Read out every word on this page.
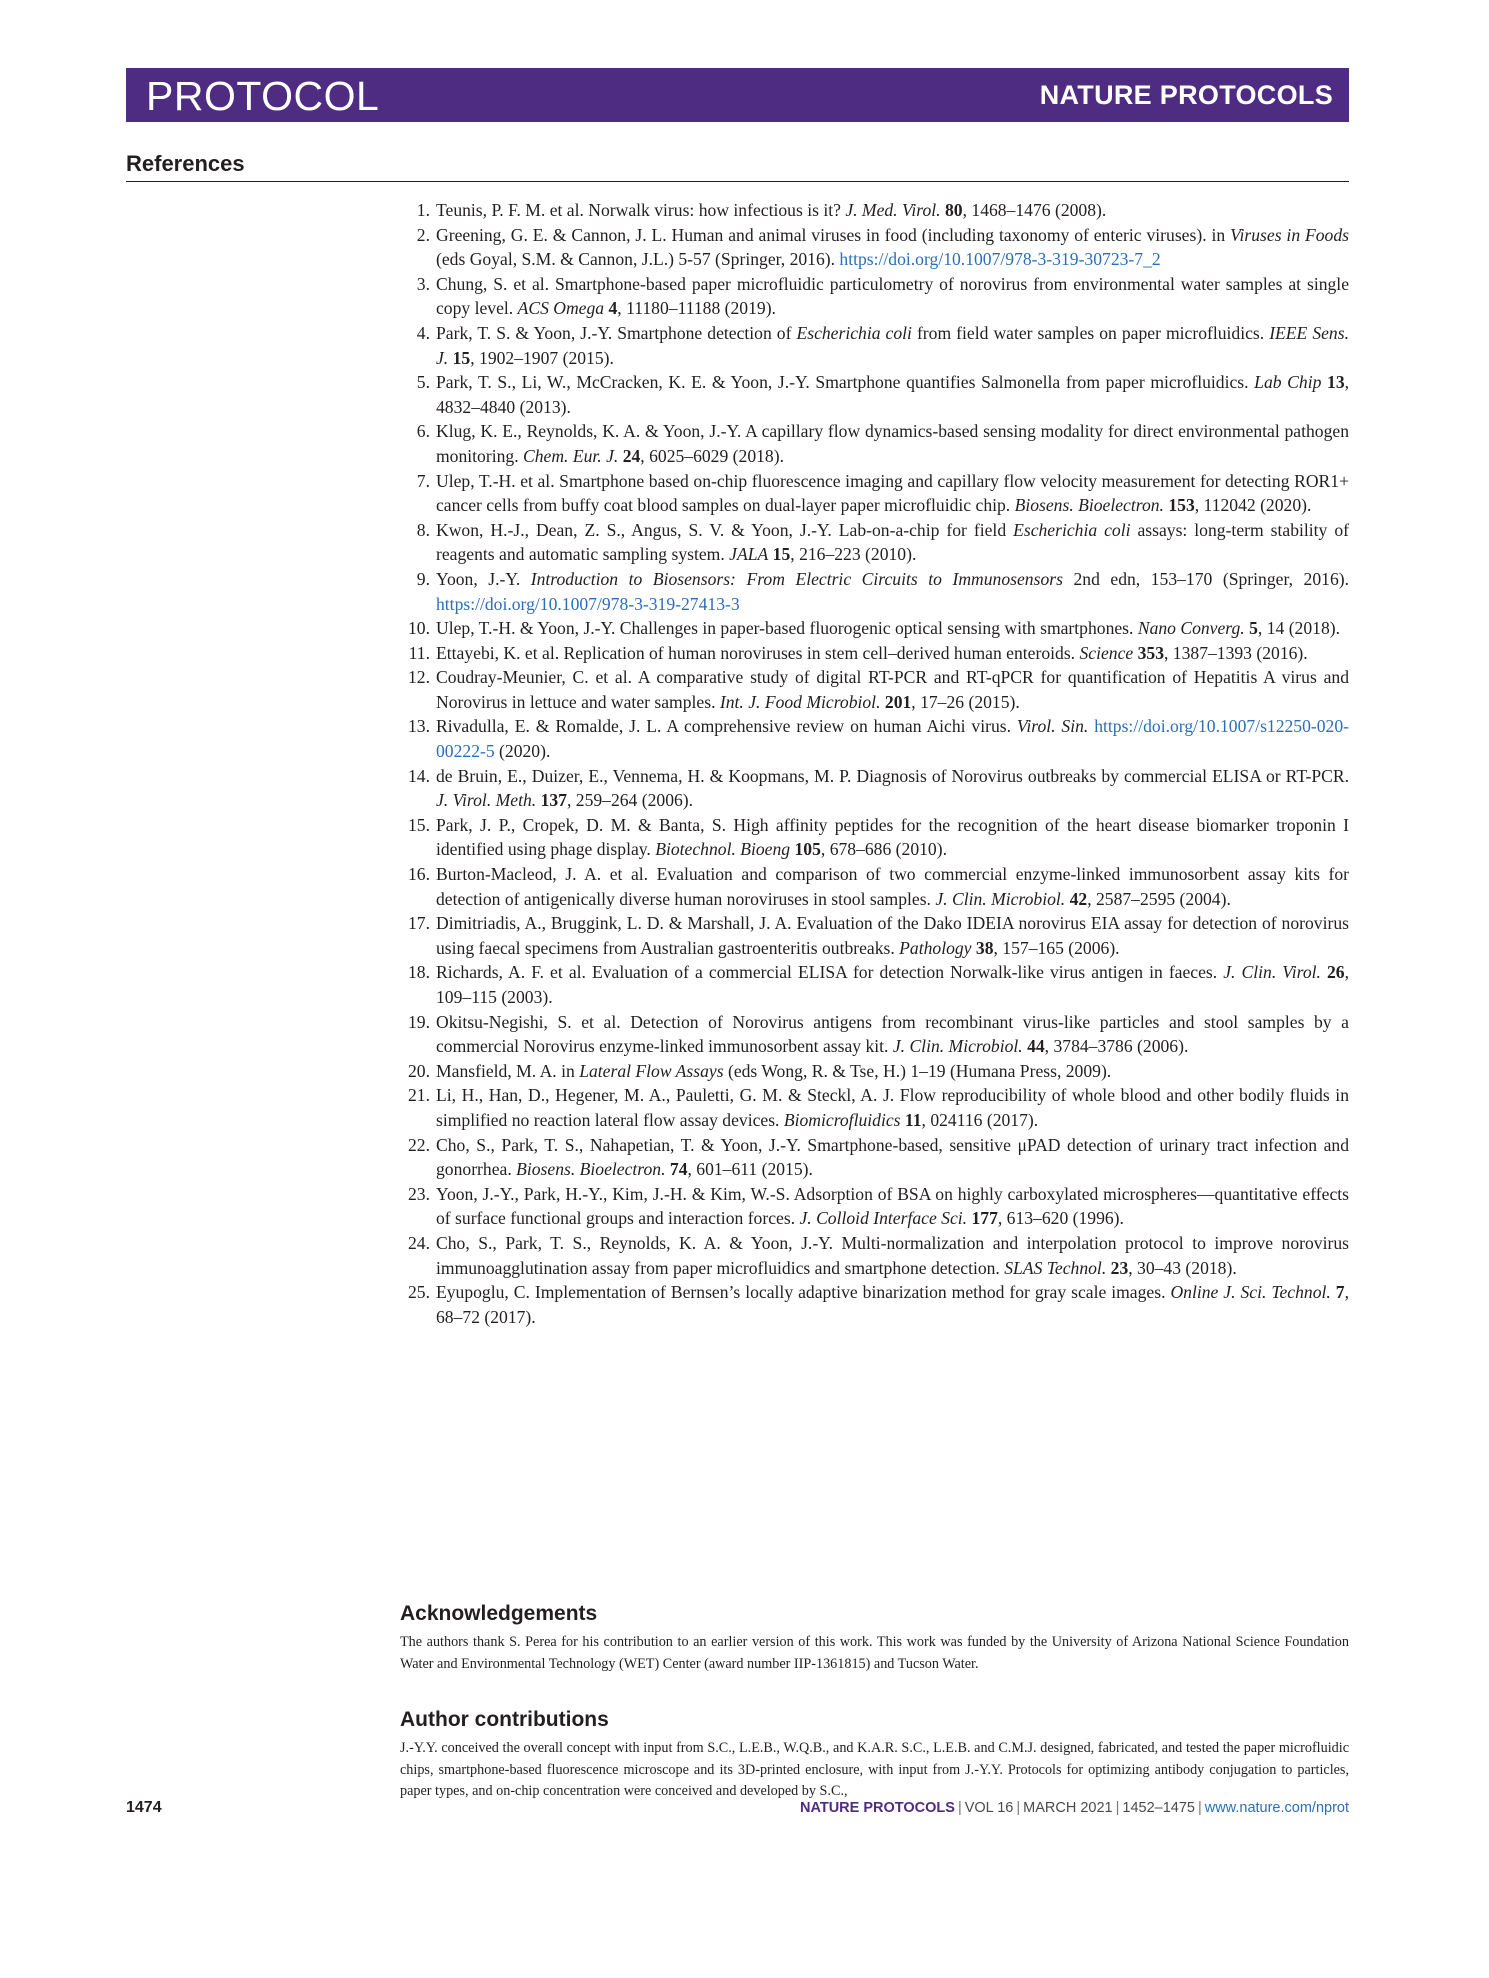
PROTOCOL	NATURE PROTOCOLS
References
1. Teunis, P. F. M. et al. Norwalk virus: how infectious is it? J. Med. Virol. 80, 1468–1476 (2008).
2. Greening, G. E. & Cannon, J. L. Human and animal viruses in food (including taxonomy of enteric viruses). in Viruses in Foods (eds Goyal, S.M. & Cannon, J.L.) 5-57 (Springer, 2016). https://doi.org/10.1007/978-3-319-30723-7_2
3. Chung, S. et al. Smartphone-based paper microfluidic particulometry of norovirus from environmental water samples at single copy level. ACS Omega 4, 11180–11188 (2019).
4. Park, T. S. & Yoon, J.-Y. Smartphone detection of Escherichia coli from field water samples on paper microfluidics. IEEE Sens. J. 15, 1902–1907 (2015).
5. Park, T. S., Li, W., McCracken, K. E. & Yoon, J.-Y. Smartphone quantifies Salmonella from paper microfluidics. Lab Chip 13, 4832–4840 (2013).
6. Klug, K. E., Reynolds, K. A. & Yoon, J.-Y. A capillary flow dynamics-based sensing modality for direct environmental pathogen monitoring. Chem. Eur. J. 24, 6025–6029 (2018).
7. Ulep, T.-H. et al. Smartphone based on-chip fluorescence imaging and capillary flow velocity measurement for detecting ROR1+ cancer cells from buffy coat blood samples on dual-layer paper microfluidic chip. Biosens. Bioelectron. 153, 112042 (2020).
8. Kwon, H.-J., Dean, Z. S., Angus, S. V. & Yoon, J.-Y. Lab-on-a-chip for field Escherichia coli assays: long-term stability of reagents and automatic sampling system. JALA 15, 216–223 (2010).
9. Yoon, J.-Y. Introduction to Biosensors: From Electric Circuits to Immunosensors 2nd edn, 153–170 (Springer, 2016). https://doi.org/10.1007/978-3-319-27413-3
10. Ulep, T.-H. & Yoon, J.-Y. Challenges in paper-based fluorogenic optical sensing with smartphones. Nano Converg. 5, 14 (2018).
11. Ettayebi, K. et al. Replication of human noroviruses in stem cell–derived human enteroids. Science 353, 1387–1393 (2016).
12. Coudray-Meunier, C. et al. A comparative study of digital RT-PCR and RT-qPCR for quantification of Hepatitis A virus and Norovirus in lettuce and water samples. Int. J. Food Microbiol. 201, 17–26 (2015).
13. Rivadulla, E. & Romalde, J. L. A comprehensive review on human Aichi virus. Virol. Sin. https://doi.org/10.1007/s12250-020-00222-5 (2020).
14. de Bruin, E., Duizer, E., Vennema, H. & Koopmans, M. P. Diagnosis of Norovirus outbreaks by commercial ELISA or RT-PCR. J. Virol. Meth. 137, 259–264 (2006).
15. Park, J. P., Cropek, D. M. & Banta, S. High affinity peptides for the recognition of the heart disease biomarker troponin I identified using phage display. Biotechnol. Bioeng 105, 678–686 (2010).
16. Burton-Macleod, J. A. et al. Evaluation and comparison of two commercial enzyme-linked immunosorbent assay kits for detection of antigenically diverse human noroviruses in stool samples. J. Clin. Microbiol. 42, 2587–2595 (2004).
17. Dimitriadis, A., Bruggink, L. D. & Marshall, J. A. Evaluation of the Dako IDEIA norovirus EIA assay for detection of norovirus using faecal specimens from Australian gastroenteritis outbreaks. Pathology 38, 157–165 (2006).
18. Richards, A. F. et al. Evaluation of a commercial ELISA for detection Norwalk-like virus antigen in faeces. J. Clin. Virol. 26, 109–115 (2003).
19. Okitsu-Negishi, S. et al. Detection of Norovirus antigens from recombinant virus-like particles and stool samples by a commercial Norovirus enzyme-linked immunosorbent assay kit. J. Clin. Microbiol. 44, 3784–3786 (2006).
20. Mansfield, M. A. in Lateral Flow Assays (eds Wong, R. & Tse, H.) 1–19 (Humana Press, 2009).
21. Li, H., Han, D., Hegener, M. A., Pauletti, G. M. & Steckl, A. J. Flow reproducibility of whole blood and other bodily fluids in simplified no reaction lateral flow assay devices. Biomicrofluidics 11, 024116 (2017).
22. Cho, S., Park, T. S., Nahapetian, T. & Yoon, J.-Y. Smartphone-based, sensitive μPAD detection of urinary tract infection and gonorrhea. Biosens. Bioelectron. 74, 601–611 (2015).
23. Yoon, J.-Y., Park, H.-Y., Kim, J.-H. & Kim, W.-S. Adsorption of BSA on highly carboxylated microspheres—quantitative effects of surface functional groups and interaction forces. J. Colloid Interface Sci. 177, 613–620 (1996).
24. Cho, S., Park, T. S., Reynolds, K. A. & Yoon, J.-Y. Multi-normalization and interpolation protocol to improve norovirus immunoagglutination assay from paper microfluidics and smartphone detection. SLAS Technol. 23, 30–43 (2018).
25. Eyupoglu, C. Implementation of Bernsen’s locally adaptive binarization method for gray scale images. Online J. Sci. Technol. 7, 68–72 (2017).
Acknowledgements
The authors thank S. Perea for his contribution to an earlier version of this work. This work was funded by the University of Arizona National Science Foundation Water and Environmental Technology (WET) Center (award number IIP-1361815) and Tucson Water.
Author contributions
J.-Y.Y. conceived the overall concept with input from S.C., L.E.B., W.Q.B., and K.A.R. S.C., L.E.B. and C.M.J. designed, fabricated, and tested the paper microfluidic chips, smartphone-based fluorescence microscope and its 3D-printed enclosure, with input from J.-Y.Y. Protocols for optimizing antibody conjugation to particles, paper types, and on-chip concentration were conceived and developed by S.C.,
1474	NATURE PROTOCOLS | VOL 16 | MARCH 2021 | 1452–1475 | www.nature.com/nprot
